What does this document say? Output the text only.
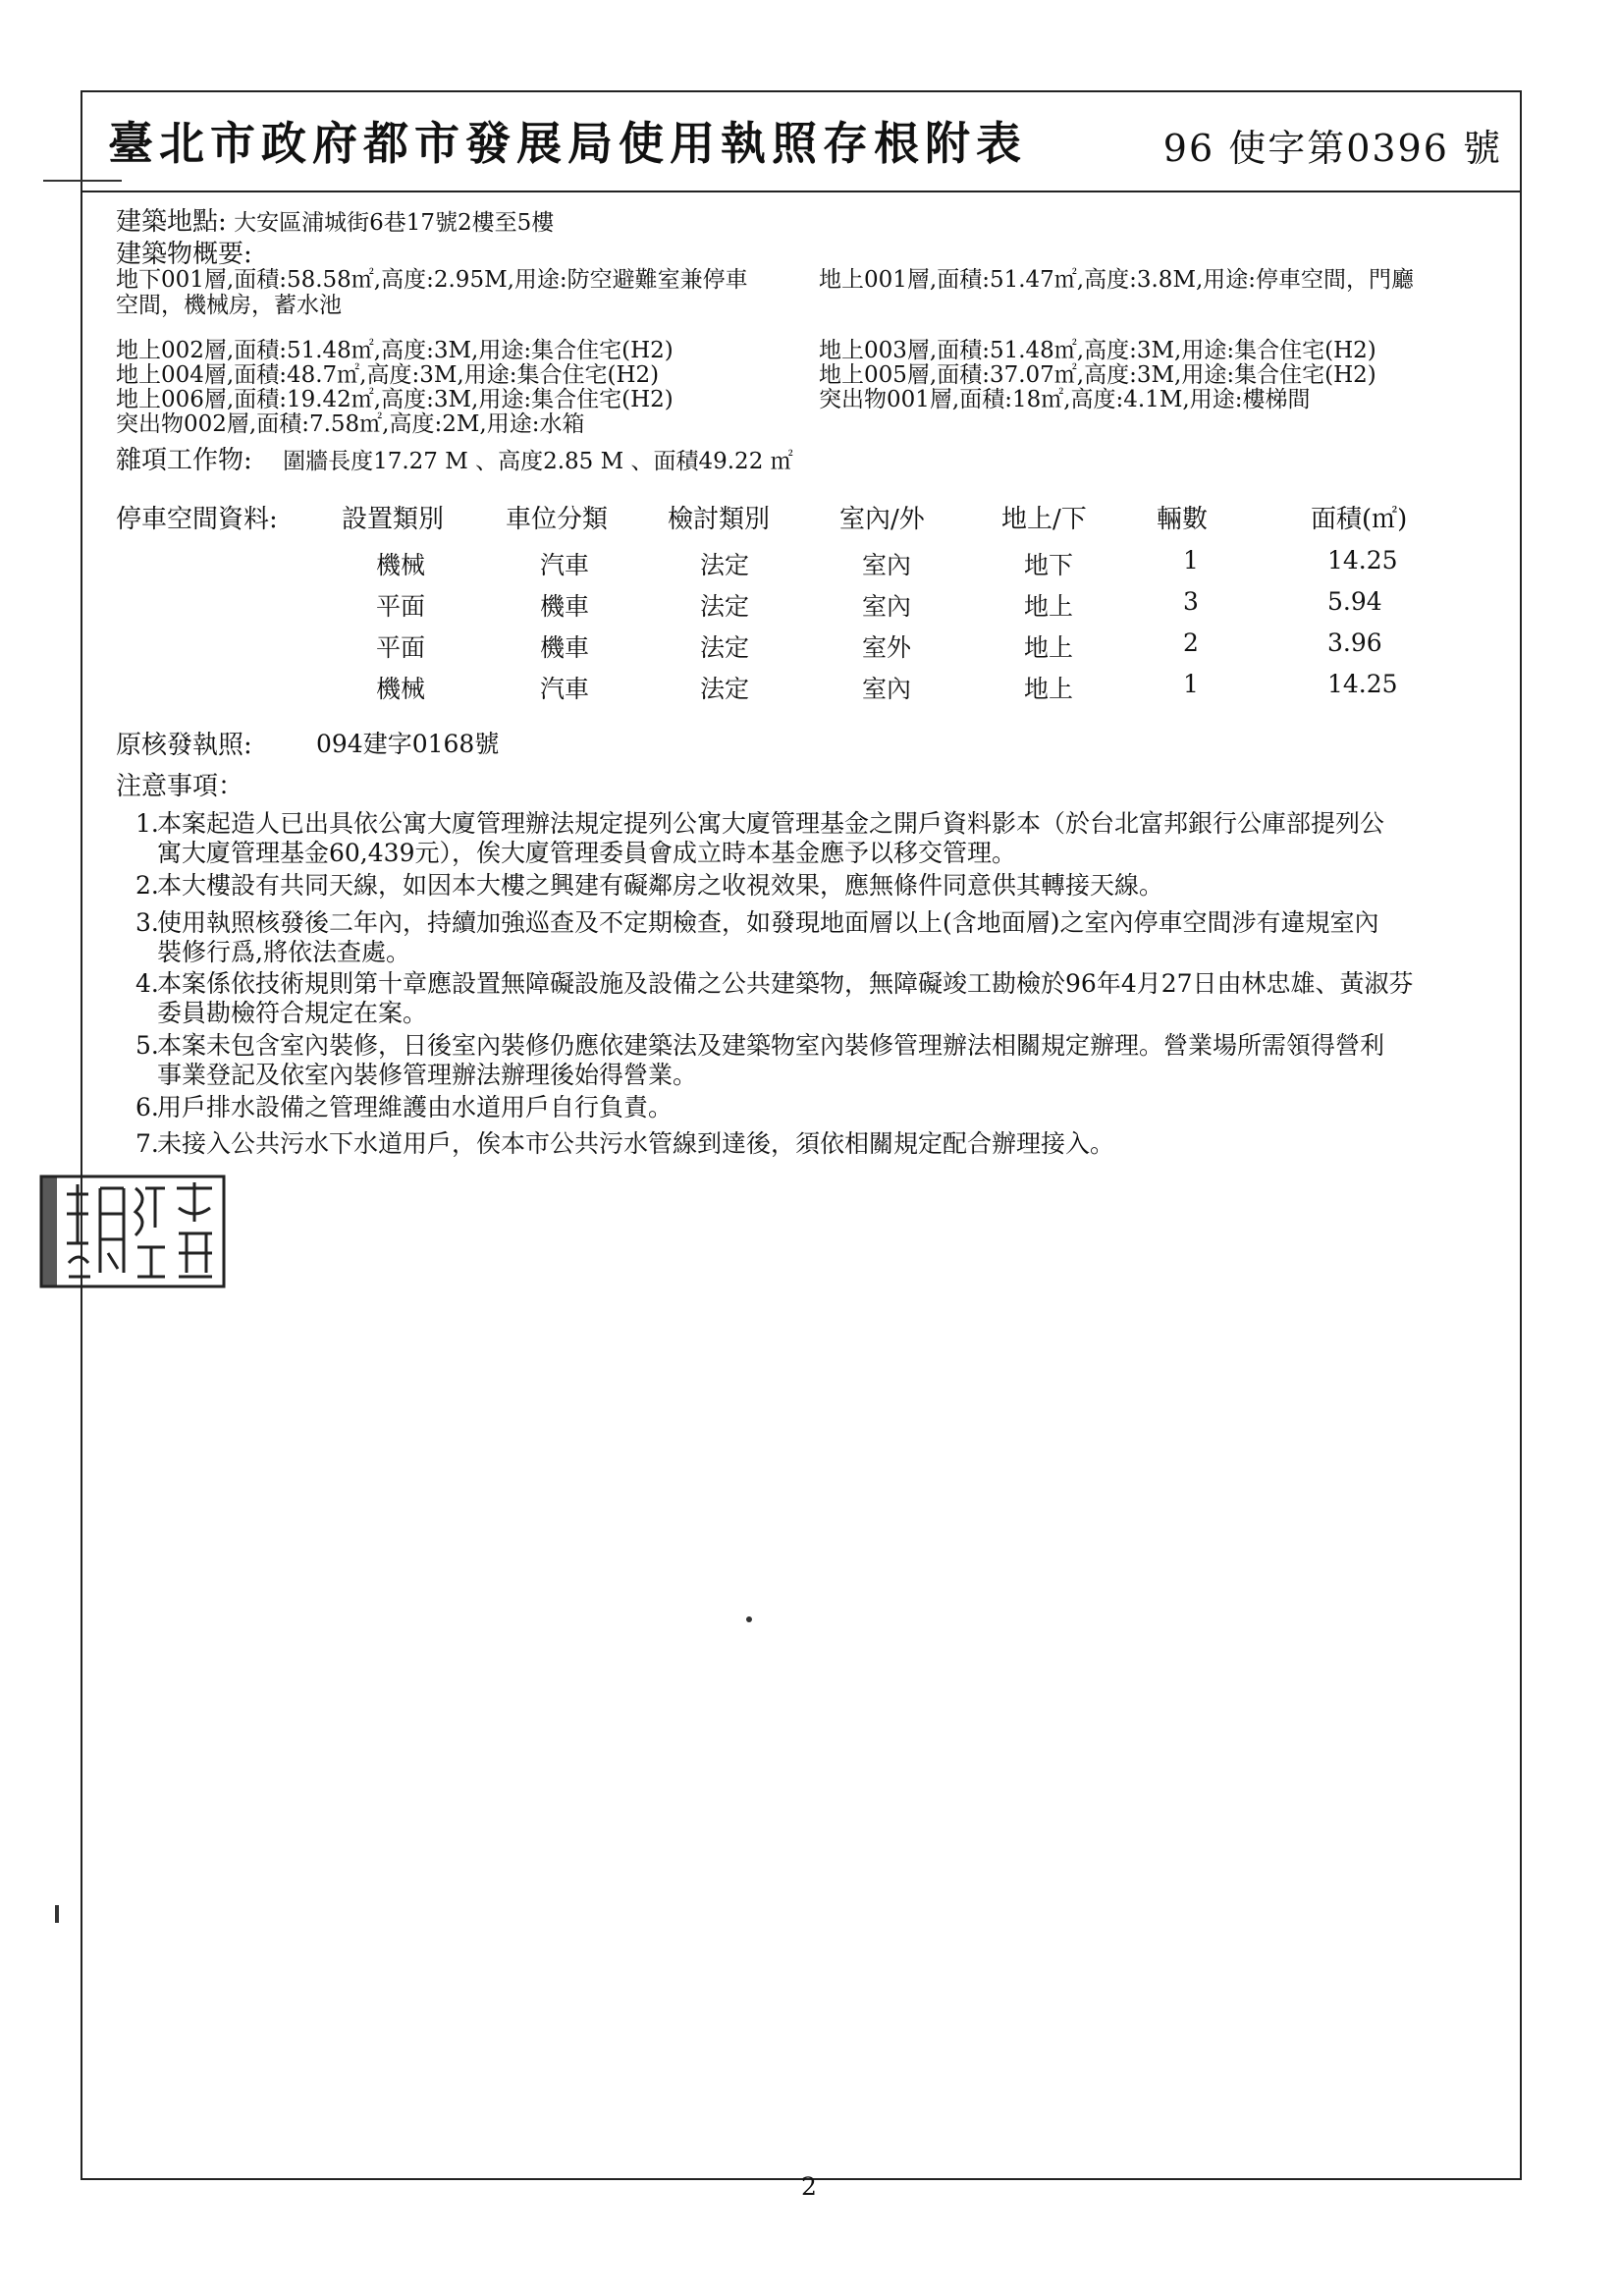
臺北市政府都市發展局使用執照存根附表	96 使字第0396 號
建築地點: 大安區浦城街6巷17號2樓至5樓
建築物概要:
地下001層,面積:58.58㎡,高度:2.95M,用途:防空避難室兼停車	地上001層,面積:51.47㎡,高度:3.8M,用途:停車空間，門廳
空間，機械房，蓄水池
地上002層,面積:51.48㎡,高度:3M,用途:集合住宅(H2)	地上003層,面積:51.48㎡,高度:3M,用途:集合住宅(H2)
地上004層,面積:48.7㎡,高度:3M,用途:集合住宅(H2)	地上005層,面積:37.07㎡,高度:3M,用途:集合住宅(H2)
地上006層,面積:19.42㎡,高度:3M,用途:集合住宅(H2)	突出物001層,面積:18㎡,高度:4.1M,用途:樓梯間
突出物002層,面積:7.58㎡,高度:2M,用途:水箱
雜項工作物: 圍牆長度17.27 M 、高度2.85 M 、面積49.22 ㎡
停車空間資料:	設置類別 車位分類 檢討類別	室內/外	地上/下	輛數	面積(㎡)
機械	汽車	法定	室內	地下	1	14.25
平面	機車	法定	室內	地上	3	5.94
平面	機車	法定	室外	地上	2	3.96
機械	汽車	法定	室內	地上	1	14.25
原核發執照:	094建字0168號
注意事項：
1.
本案起造人已出具依公寓大廈管理辦法規定提列公寓大廈管理基金之開戶資料影本（於台北富邦銀行公庫部提列公
寓大廈管理基金60,439元），俟大廈管理委員會成立時本基金應予以移交管理。
2.
本大樓設有共同天線，如因本大樓之興建有礙鄰房之收視效果，應無條件同意供其轉接天線。
3.
使用執照核發後二年內，持續加強巡查及不定期檢查，如發現地面層以上(含地面層)之室內停車空間涉有違規室內
裝修行爲,將依法查處。
4.
本案係依技術規則第十章應設置無障礙設施及設備之公共建築物，無障礙竣工勘檢於96年4月27日由林忠雄、黃淑芬
委員勘檢符合規定在案。
5.
本案未包含室內裝修，日後室內裝修仍應依建築法及建築物室內裝修管理辦法相關規定辦理。營業場所需領得營利
事業登記及依室內裝修管理辦法辦理後始得營業。
6.
用戶排水設備之管理維護由水道用戶自行負責。
7.
未接入公共污水下水道用戶，俟本市公共污水管線到達後，須依相關規定配合辦理接入。
2
